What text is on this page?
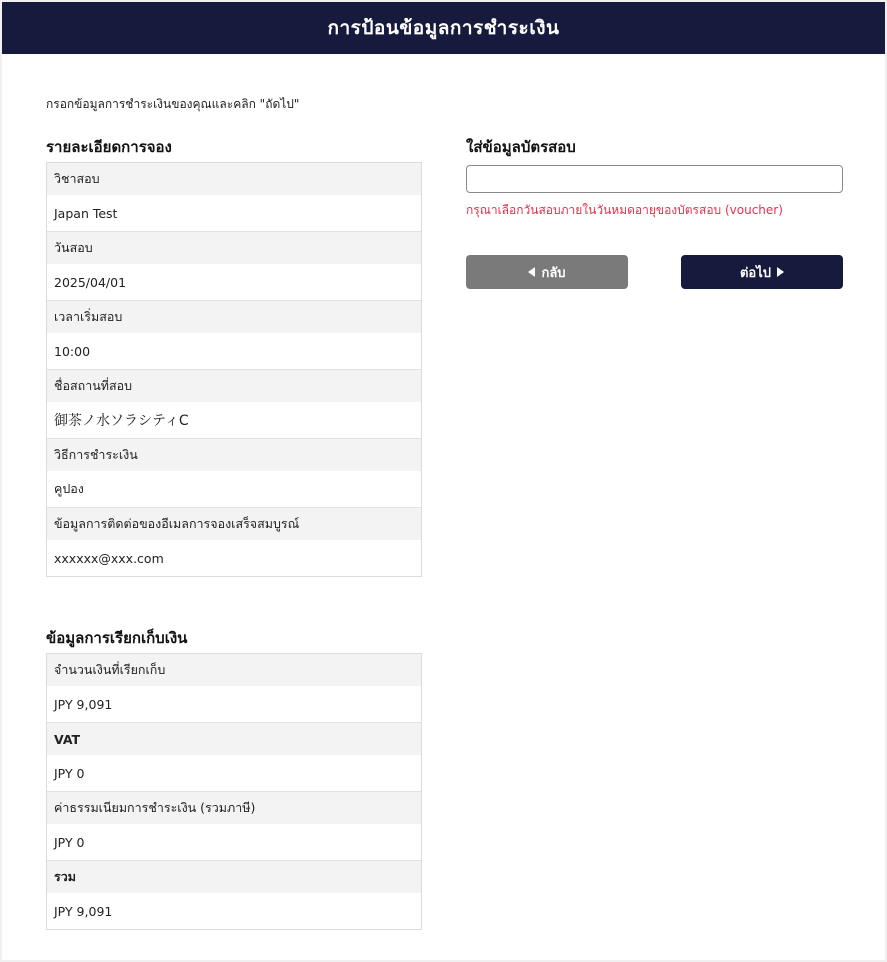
การป้อนข้อมูลการชำระเงิน
กรอกข้อมูลการชำระเงินของคุณและคลิก "ถัดไป"
รายละเอียดการจอง
วิชาสอบ
Japan Test
วันสอบ
2025/04/01
เวลาเริ่มสอบ
10:00
ชื่อสถานที่สอบ
御茶ノ水ソラシティC
วิธีการชำระเงิน
คูปอง
ข้อมูลการติดต่อของอีเมลการจองเสร็จสมบูรณ์
xxxxxx@xxx.com
ข้อมูลการเรียกเก็บเงิน
จำนวนเงินที่เรียกเก็บ
JPY 9,091
VAT
JPY 0
ค่าธรรมเนียมการชำระเงิน (รวมภาษี)
JPY 0
รวม
JPY 9,091
ใส่ข้อมูลบัตรสอบ
กรุณาเลือกวันสอบภายในวันหมดอายุของบัตรสอบ (voucher)
กลับ	ต่อไป
